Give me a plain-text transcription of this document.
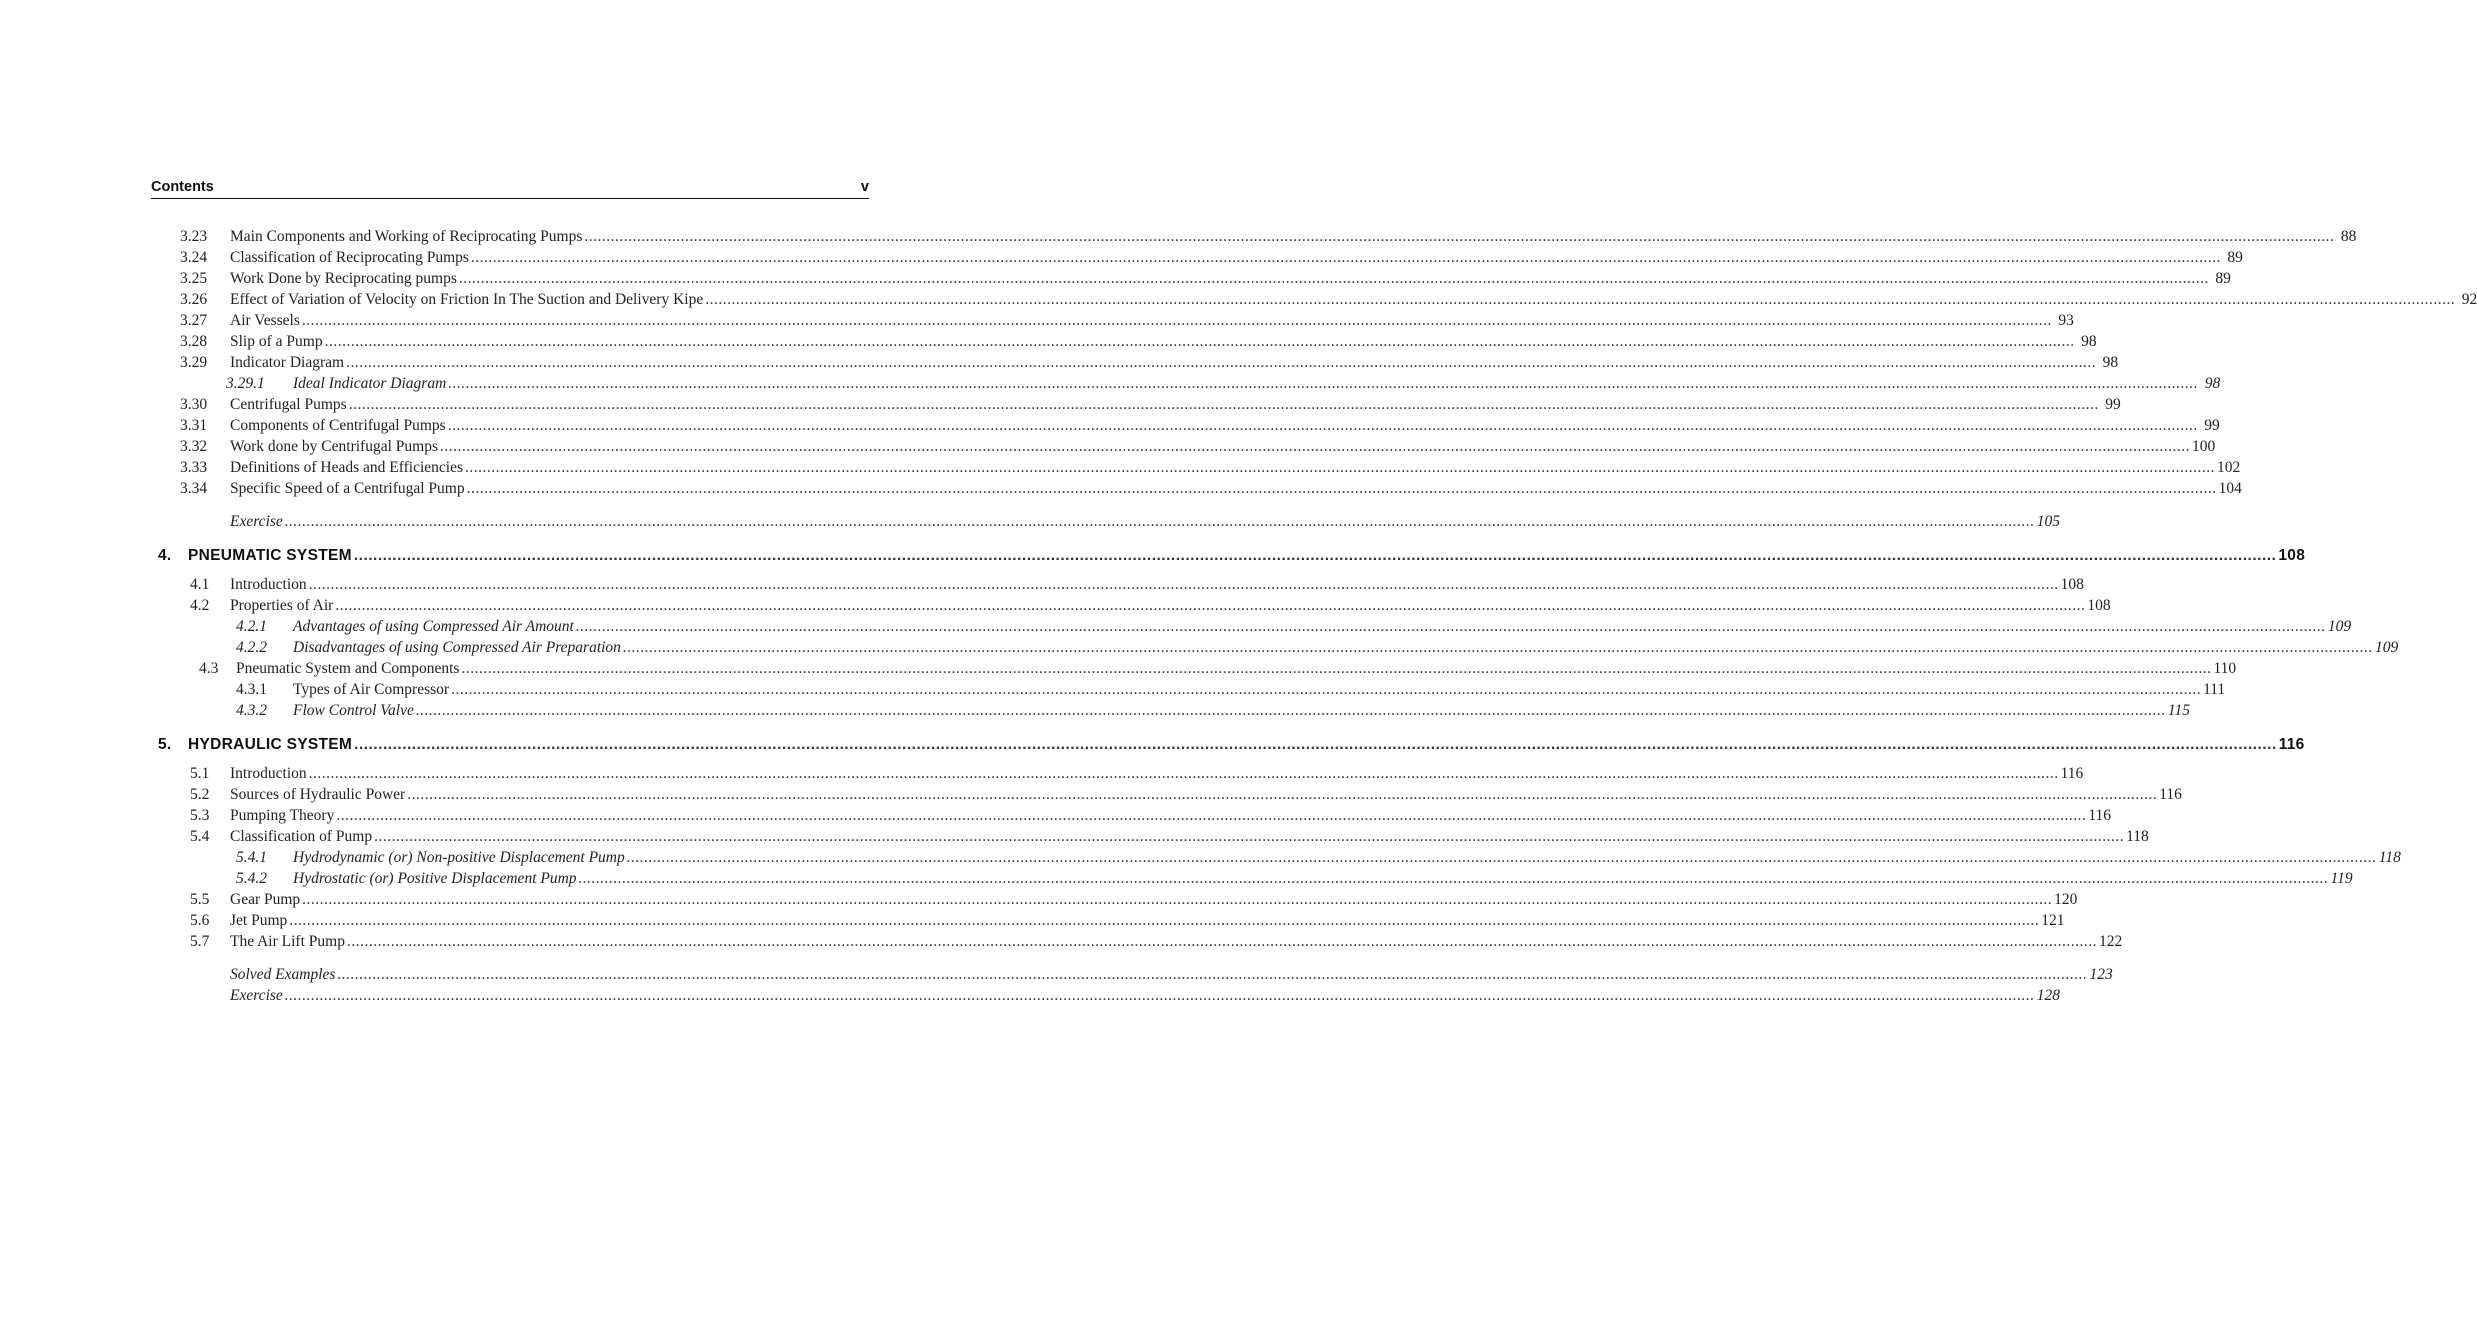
Contents	v
3.23 Main Components and Working of Reciprocating Pumps ................................................................................................................................................................................................................................................................................................................................................................................................................ 88
3.24 Classification of Reciprocating Pumps ................................................................................................................................................................................................................................................................................................................................................................................................................ 89
3.25 Work Done by Reciprocating pumps ................................................................................................................................................................................................................................................................................................................................................................................................................ 89
3.26 Effect of Variation of Velocity on Friction In The Suction and Delivery Kipe ................................................................................................................................................................................................................................................................................................................................................................................................................ 92
3.27 Air Vessels ................................................................................................................................................................................................................................................................................................................................................................................................................ 93
3.28 Slip of a Pump ................................................................................................................................................................................................................................................................................................................................................................................................................ 98
3.29 Indicator Diagram ................................................................................................................................................................................................................................................................................................................................................................................................................ 98
3.29.1 Ideal Indicator Diagram ................................................................................................................................................................................................................................................................................................................................................................................................................ 98
3.30 Centrifugal Pumps ................................................................................................................................................................................................................................................................................................................................................................................................................ 99
3.31 Components of Centrifugal Pumps ................................................................................................................................................................................................................................................................................................................................................................................................................ 99
3.32 Work done by Centrifugal Pumps ................................................................................................................................................................................................................................................................................................................................................................................................................ 100
3.33 Definitions of Heads and Efficiencies ................................................................................................................................................................................................................................................................................................................................................................................................................ 102
3.34 Specific Speed of a Centrifugal Pump ................................................................................................................................................................................................................................................................................................................................................................................................................ 104
Exercise ................................................................................................................................................................................................................................................................................................................................................................................................................ 105
4.1 Introduction ................................................................................................................................................................................................................................................................................................................................................................................................................ 108
4.2 Properties of Air ................................................................................................................................................................................................................................................................................................................................................................................................................ 108
4.2.1 Advantages of using Compressed Air Amount ................................................................................................................................................................................................................................................................................................................................................................................................................ 109
4.2.2 Disadvantages of using Compressed Air Preparation ................................................................................................................................................................................................................................................................................................................................................................................................................ 109
4.3 Pneumatic System and Components ................................................................................................................................................................................................................................................................................................................................................................................................................ 110
4.3.1 Types of Air Compressor ................................................................................................................................................................................................................................................................................................................................................................................................................ 111
4.3.2 Flow Control Valve ................................................................................................................................................................................................................................................................................................................................................................................................................ 115
5.1 Introduction ................................................................................................................................................................................................................................................................................................................................................................................................................ 116
5.2 Sources of Hydraulic Power ................................................................................................................................................................................................................................................................................................................................................................................................................ 116
5.3 Pumping Theory ................................................................................................................................................................................................................................................................................................................................................................................................................ 116
5.4 Classification of Pump ................................................................................................................................................................................................................................................................................................................................................................................................................ 118
5.4.1 Hydrodynamic (or) Non-positive Displacement Pump ................................................................................................................................................................................................................................................................................................................................................................................................................ 118
5.4.2 Hydrostatic (or) Positive Displacement Pump ................................................................................................................................................................................................................................................................................................................................................................................................................ 119
5.5 Gear Pump ................................................................................................................................................................................................................................................................................................................................................................................................................ 120
5.6 Jet Pump ................................................................................................................................................................................................................................................................................................................................................................................................................ 121
5.7 The Air Lift Pump ................................................................................................................................................................................................................................................................................................................................................................................................................ 122
Solved Examples ................................................................................................................................................................................................................................................................................................................................................................................................................ 123
Exercise ................................................................................................................................................................................................................................................................................................................................................................................................................ 128
4. PNEUMATIC SYSTEM ................................................................................................................................................................................................................................................................................................................................................................................................................ 108
5. HYDRAULIC SYSTEM ................................................................................................................................................................................................................................................................................................................................................................................................................ 116
